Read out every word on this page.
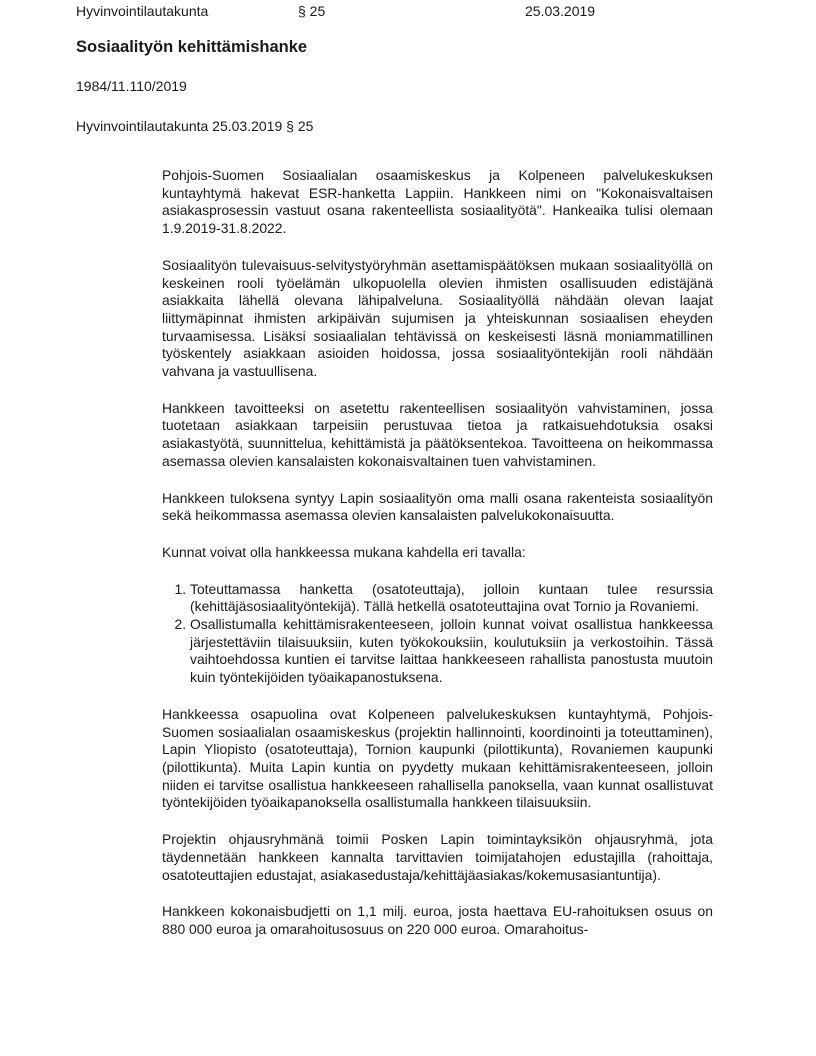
Hyvinvointilautakunta	§ 25	25.03.2019
Sosiaalityön kehittämishanke
1984/11.110/2019
Hyvinvointilautakunta 25.03.2019 § 25

Pohjois-Suomen Sosiaalialan osaamiskeskus ja Kolpeneen palvelukeskuksen kuntayhtymä hakevat ESR-hanketta Lappiin. Hankkeen nimi on "Kokonaisvaltaisen asiakasprosessin vastuut osana rakenteellista sosiaalityötä". Hankeaika tulisi olemaan 1.9.2019-31.8.2022.

Sosiaalityön tulevaisuus-selvitystyöryhmän asettamispäätöksen mukaan sosiaalityöllä on keskeinen rooli työelämän ulkopuolella olevien ihmisten osallisuuden edistäjänä asiakkaita lähellä olevana lähipalveluna. Sosiaalityöllä nähdään olevan laajat liittymäpinnat ihmisten arkipäivän sujumisen ja yhteiskunnan sosiaalisen eheyden turvaamisessa. Lisäksi sosiaalialan tehtävissä on keskeisesti läsnä moniammatillinen työskentely asiakkaan asioiden hoidossa, jossa sosiaalityöntekijän rooli nähdään vahvana ja vastuullisena.

Hankkeen tavoitteeksi on asetettu rakenteellisen sosiaalityön vahvistaminen, jossa tuotetaan asiakkaan tarpeisiin perustuvaa tietoa ja ratkaisuehdotuksia osaksi asiakastyötä, suunnittelua, kehittämistä ja päätöksentekoa. Tavoitteena on heikommassa asemassa olevien kansalaisten kokonaisvaltainen tuen vahvistaminen.

Hankkeen tuloksena syntyy Lapin sosiaalityön oma malli osana rakenteista sosiaalityön sekä heikommassa asemassa olevien kansalaisten palvelukokonaisuutta.

Kunnat voivat olla hankkeessa mukana kahdella eri tavalla:

1. Toteuttamassa hanketta (osatoteuttaja), jolloin kuntaan tulee resurssia (kehittäjäsosiaalityöntekijä). Tällä hetkellä osatoteuttajina ovat Tornio ja Rovaniemi.
2. Osallistumalla kehittämisrakenteeseen, jolloin kunnat voivat osallistua hankkeessa järjestettäviin tilaisuuksiin, kuten työkokouksiin, koulutuksiin ja verkostoihin. Tässä vaihtoehdossa kuntien ei tarvitse laittaa hankkeeseen rahallista panostusta muutoin kuin työntekijöiden työaikapanostuksena.

Hankkeessa osapuolina ovat Kolpeneen palvelukeskuksen kuntayhtymä, Pohjois-Suomen sosiaalialan osaamiskeskus (projektin hallinnointi, koordinointi ja toteuttaminen), Lapin Yliopisto (osatoteuttaja), Tornion kaupunki (pilottikunta), Rovaniemen kaupunki (pilottikunta). Muita Lapin kuntia on pyydetty mukaan kehittämisrakenteeseen, jolloin niiden ei tarvitse osallistua hankkeeseen rahallisella panoksella, vaan kunnat osallistuvat työntekijöiden työaikapanoksella osallistumalla hankkeen tilaisuuksiin.

Projektin ohjausryhmänä toimii Posken Lapin toimintayksikön ohjausryhmä, jota täydennetään hankkeen kannalta tarvittavien toimijatahojen edustajilla (rahoittaja, osatoteuttajien edustajat, asiakasedustaja/kehittäjäasiakas/kokemusasiantuntija).

Hankkeen kokonaisbudjetti on 1,1 milj. euroa, josta haettava EU-rahoituksen osuus on 880 000 euroa ja omarahoitusosuus on 220 000 euroa. Omarahoitus-
